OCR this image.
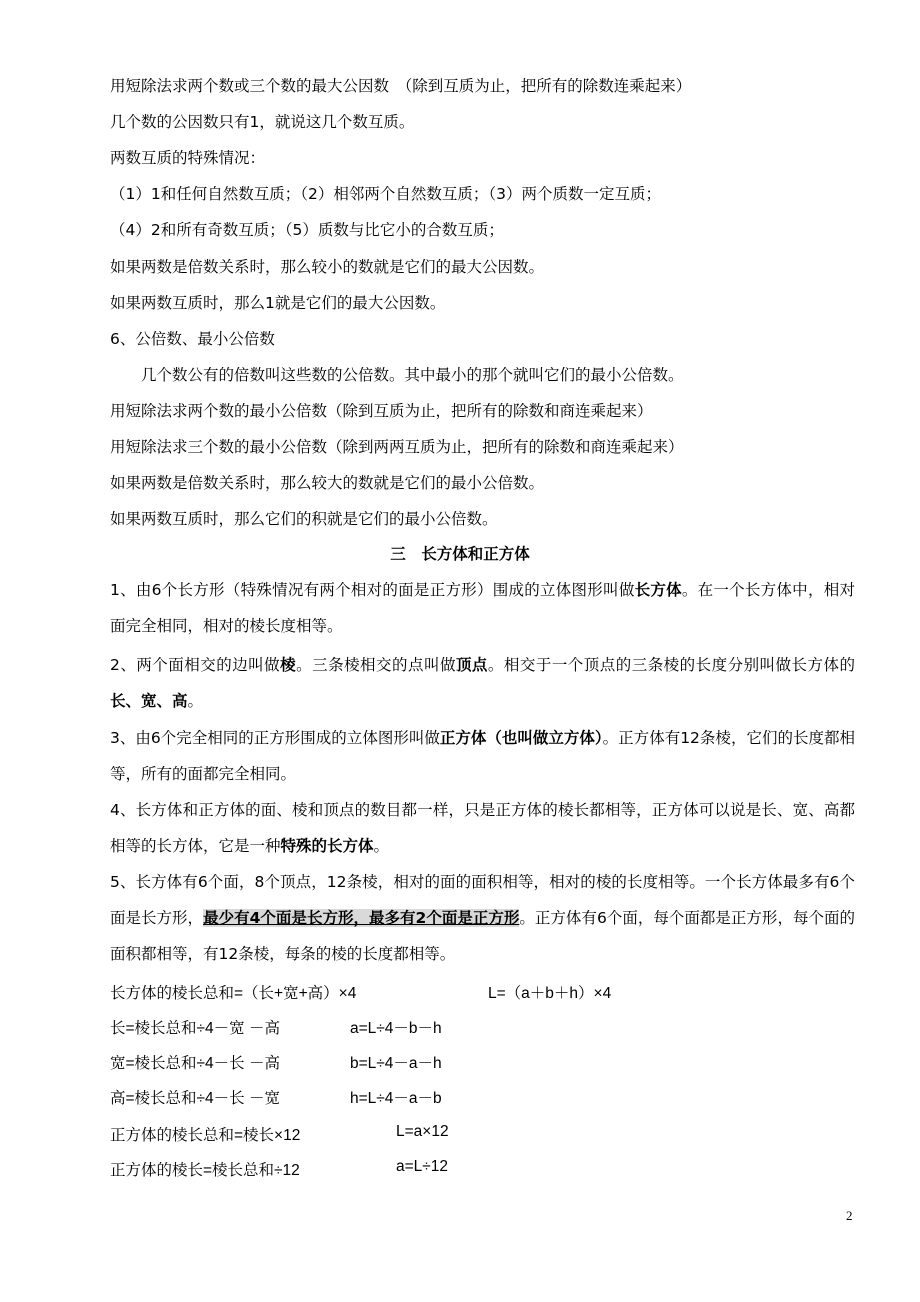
用短除法求两个数或三个数的最大公因数　（除到互质为止，把所有的除数连乘起来）
几个数的公因数只有1，就说这几个数互质。
两数互质的特殊情况：
（1）1和任何自然数互质；（2）相邻两个自然数互质；（3）两个质数一定互质；
（4）2和所有奇数互质；（5）质数与比它小的合数互质；
如果两数是倍数关系时，那么较小的数就是它们的最大公因数。
如果两数互质时，那么1就是它们的最大公因数。
6、公倍数、最小公倍数
　　几个数公有的倍数叫这些数的公倍数。其中最小的那个就叫它们的最小公倍数。
用短除法求两个数的最小公倍数（除到互质为止，把所有的除数和商连乘起来）
用短除法求三个数的最小公倍数（除到两两互质为止，把所有的除数和商连乘起来）
如果两数是倍数关系时，那么较大的数就是它们的最小公倍数。
如果两数互质时，那么它们的积就是它们的最小公倍数。
三　长方体和正方体
1、由6个长方形（特殊情况有两个相对的面是正方形）围成的立体图形叫做长方体。在一个长方体中，相对面完全相同，相对的棱长度相等。
2、两个面相交的边叫做棱。三条棱相交的点叫做顶点。相交于一个顶点的三条棱的长度分别叫做长方体的长、宽、高。
3、由6个完全相同的正方形围成的立体图形叫做正方体（也叫做立方体）。正方体有12条棱，它们的长度都相等，所有的面都完全相同。
4、长方体和正方体的面、棱和顶点的数目都一样，只是正方体的棱长都相等，正方体可以说是长、宽、高都相等的长方体，它是一种特殊的长方体。
5、长方体有6个面，8个顶点，12条棱，相对的面的面积相等，相对的棱的长度相等。一个长方体最多有6个面是长方形，最少有4个面是长方形，最多有2个面是正方形。正方体有6个面，每个面都是正方形，每个面的面积都相等，有12条棱，每条的棱的长度都相等。
长方体的棱长总和=（长+宽+高）×4	L=（a＋b＋h）×4
长=棱长总和÷4－宽 －高	a=L÷4－b－h
宽=棱长总和÷4－长 －高	b=L÷4－a－h
高=棱长总和÷4－长 －宽	h=L÷4－a－b
正方体的棱长总和=棱长×12	L=a×12
正方体的棱长=棱长总和÷12	a=L÷12
2
